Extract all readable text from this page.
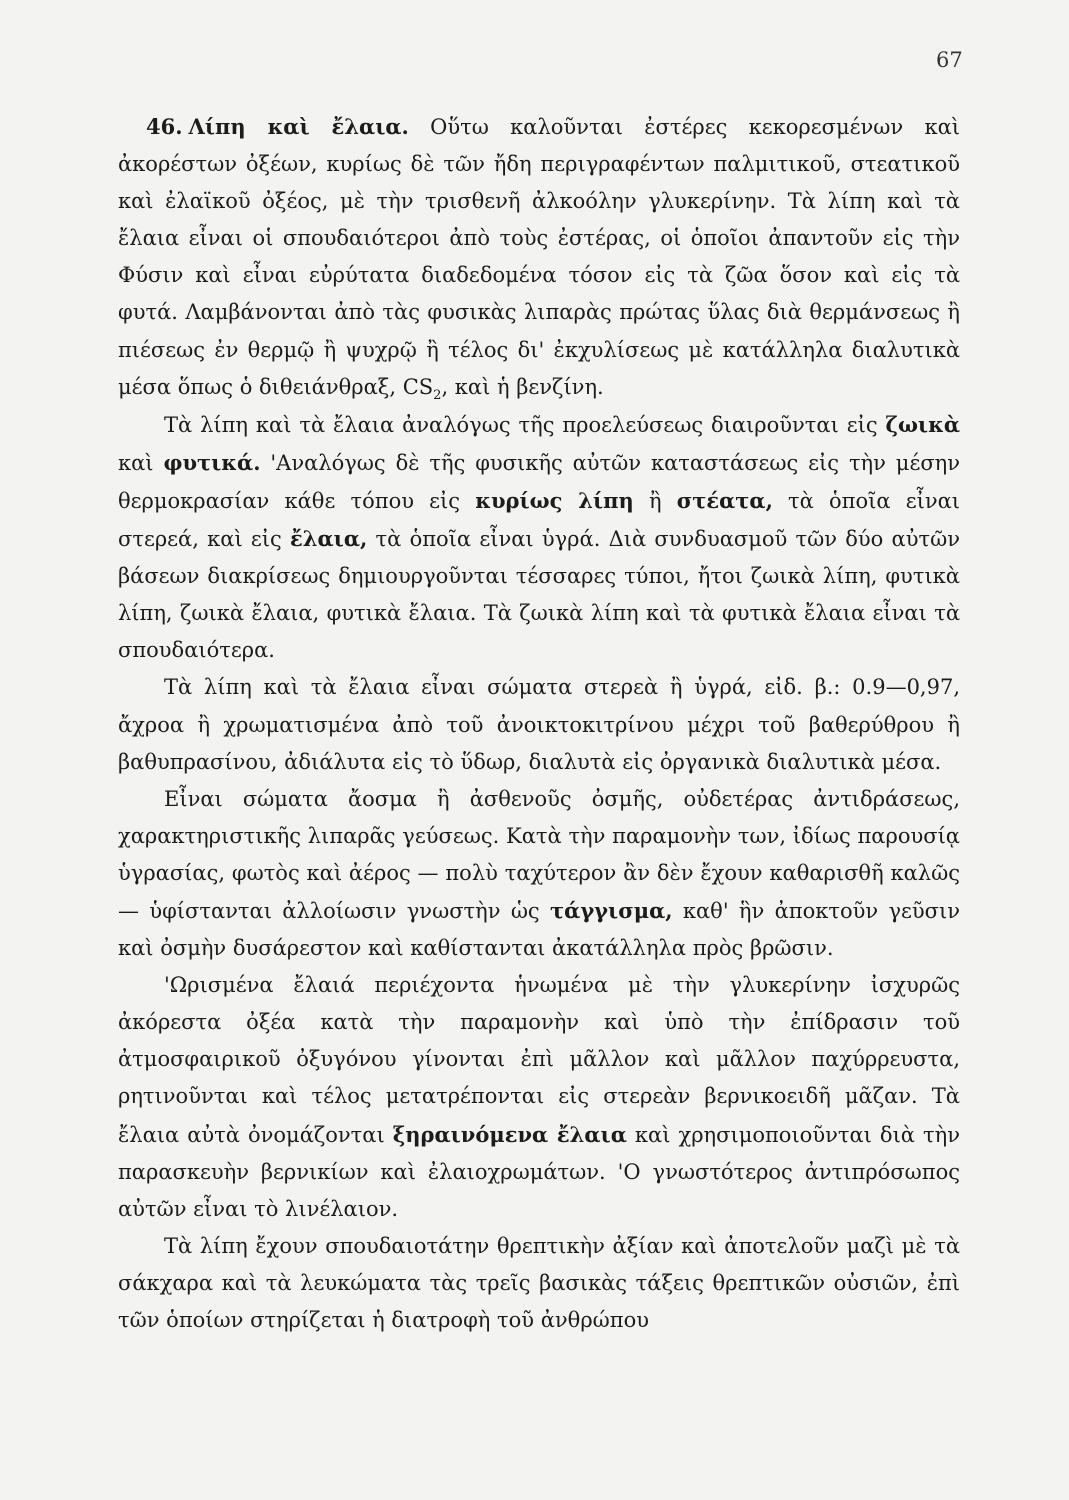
67

46. Λίπη καὶ ἔλαια. Οὕτω καλοῦνται ἐστέρες κεκορεσμένων καὶ ἀκορέστων ὀξέων, κυρίως δὲ τῶν ἤδη περιγραφέντων παλμιτικοῦ, στεατικοῦ καὶ ἐλαϊκοῦ ὀξέος, μὲ τὴν τρισθενῆ ἀλκοόλην γλυκερίνην. Τὰ λίπη καὶ τὰ ἔλαια εἶναι οἱ σπουδαιότεροι ἀπὸ τοὺς ἐστέρας, οἱ ὁποῖοι ἀπαντοῦν εἰς τὴν Φύσιν καὶ εἶναι εὐρύτατα διαδεδομένα τόσον εἰς τὰ ζῶα ὅσον καὶ εἰς τὰ φυτά. Λαμβάνονται ἀπὸ τὰς φυσικὰς λιπαρὰς πρώτας ὕλας διὰ θερμάνσεως ἢ πιέσεως ἐν θερμῷ ἢ ψυχρῷ ἢ τέλος δι' ἐκχυλίσεως μὲ κατάλληλα διαλυτικὰ μέσα ὅπως ὁ διθειάνθραξ, $CS_2$, καὶ ἡ βενζίνη.

Τὰ λίπη καὶ τὰ ἔλαια ἀναλόγως τῆς προελεύσεως διαιροῦνται εἰς ζωικὰ καὶ φυτικά. 'Αναλόγως δὲ τῆς φυσικῆς αὐτῶν καταστάσεως εἰς τὴν μέσην θερμοκρασίαν κάθε τόπου εἰς κυρίως λίπη ἢ στέατα, τὰ ὁποῖα εἶναι στερεά, καὶ εἰς ἔλαια, τὰ ὁποῖα εἶναι ὑγρά. Διὰ συνδυασμοῦ τῶν δύο αὐτῶν βάσεων διακρίσεως δημιουργοῦνται τέσσαρες τύποι, ἤτοι ζωικὰ λίπη, φυτικὰ λίπη, ζωικὰ ἔλαια, φυτικὰ ἔλαια. Τὰ ζωικὰ λίπη καὶ τὰ φυτικὰ ἔλαια εἶναι τὰ σπουδαιότερα.

Τὰ λίπη καὶ τὰ ἔλαια εἶναι σώματα στερεὰ ἢ ὑγρά, εἰδ. β.: 0.9—0,97, ἄχροα ἢ χρωματισμένα ἀπὸ τοῦ ἀνοικτοκιτρίνου μέχρι τοῦ βαθερύθρου ἢ βαθυπρασίνου, ἀδιάλυτα εἰς τὸ ὕδωρ, διαλυτὰ εἰς ὀργανικὰ διαλυτικὰ μέσα.

Εἶναι σώματα ἄοσμα ἢ ἀσθενοῦς ὀσμῆς, οὐδετέρας ἀντιδράσεως, χαρακτηριστικῆς λιπαρᾶς γεύσεως. Κατὰ τὴν παραμονὴν των, ἰδίως παρουσίᾳ ὑγρασίας, φωτὸς καὶ ἀέρος — πολὺ ταχύτερον ἂν δὲν ἔχουν καθαρισθῆ καλῶς— ὑφίστανται ἀλλοίωσιν γνωστὴν ὡς τάγγισμα, καθ' ἣν ἀποκτοῦν γεῦσιν καὶ ὀσμὴν δυσάρεστον καὶ καθίστανται ἀκατάλληλα πρὸς βρῶσιν.

'Ωρισμένα ἔλαιά περιέχοντα ἡνωμένα μὲ τὴν γλυκερίνην ἰσχυρῶς ἀκόρεστα ὀξέα κατὰ τὴν παραμονὴν καὶ ὑπὸ τὴν ἐπίδρασιν τοῦ ἀτμοσφαιρικοῦ ὀξυγόνου γίνονται ἐπὶ μᾶλλον καὶ μᾶλλον παχύρρευστα, ρητινοῦνται καὶ τέλος μετατρέπονται εἰς στερεὰν βερνικοειδῆ μᾶζαν. Τὰ ἔλαια αὐτὰ ὀνομάζονται ξηραινόμενα ἔλαια καὶ χρησιμοποιοῦνται διὰ τὴν παρασκευὴν βερνικίων καὶ ἐλαιοχρωμάτων. 'Ο γνωστότερος ἀντιπρόσωπος αὐτῶν εἶναι τὸ λινέλαιον.

Τὰ λίπη ἔχουν σπουδαιοτάτην θρεπτικὴν ἀξίαν καὶ ἀποτελοῦν μαζὶ μὲ τὰ σάκχαρα καὶ τὰ λευκώματα τὰς τρεῖς βασικὰς τάξεις θρεπτικῶν οὐσιῶν, ἐπὶ τῶν ὁποίων στηρίζεται ἡ διατροφὴ τοῦ ἀνθρώπου
